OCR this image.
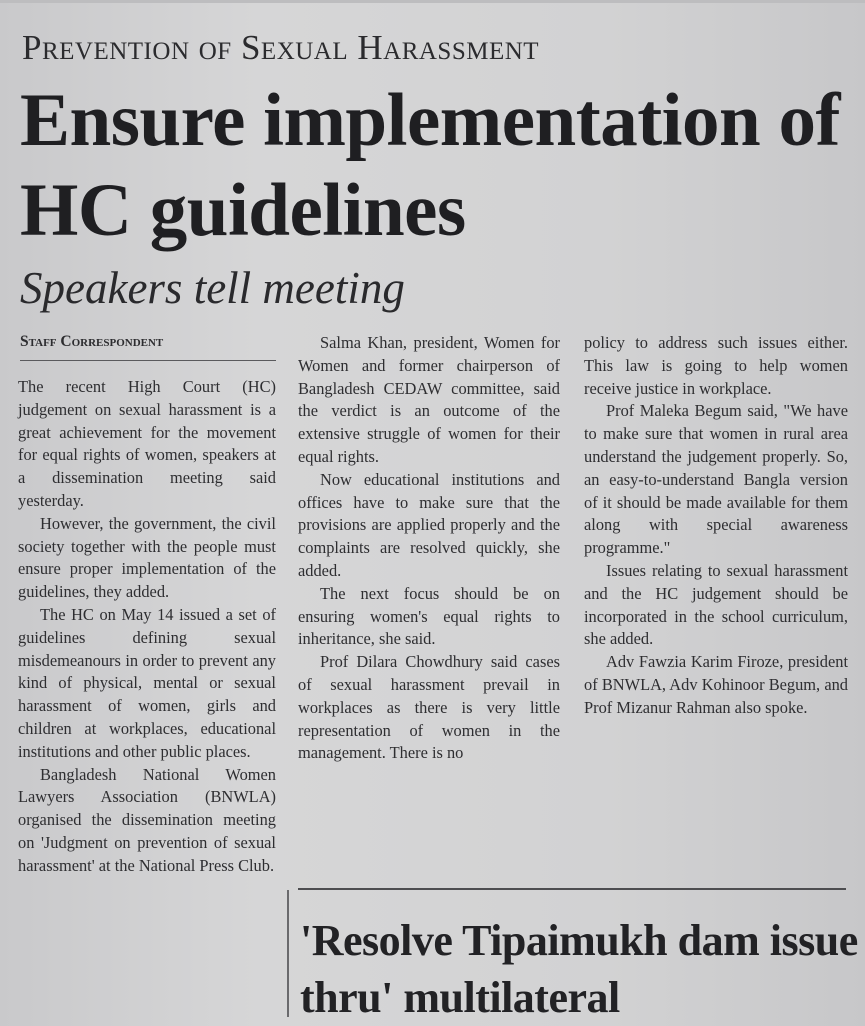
Prevention of Sexual Harassment
Ensure implementation of HC guidelines
Speakers tell meeting
Staff Correspondent

The recent High Court (HC) judgement on sexual harassment is a great achievement for the movement for equal rights of women, speakers at a dissemination meeting said yesterday.

However, the government, the civil society together with the people must ensure proper implementation of the guidelines, they added.

The HC on May 14 issued a set of guidelines defining sexual misdemeanours in order to prevent any kind of physical, mental or sexual harassment of women, girls and children at workplaces, educational institutions and other public places.

Bangladesh National Women Lawyers Association (BNWLA) organised the dissemination meeting on 'Judgment on prevention of sexual harassment' at the National Press Club.

Salma Khan, president, Women for Women and former chairperson of Bangladesh CEDAW committee, said the verdict is an outcome of the extensive struggle of women for their equal rights.

Now educational institutions and offices have to make sure that the provisions are applied properly and the complaints are resolved quickly, she added.

The next focus should be on ensuring women's equal rights to inheritance, she said.

Prof Dilara Chowdhury said cases of sexual harassment prevail in workplaces as there is very little representation of women in the management. There is no

policy to address such issues either. This law is going to help women receive justice in workplace.

Prof Maleka Begum said, "We have to make sure that women in rural area understand the judgement properly. So, an easy-to-understand Bangla version of it should be made available for them along with special awareness programme."

Issues relating to sexual harassment and the HC judgement should be incorporated in the school curriculum, she added.

Adv Fawzia Karim Firoze, president of BNWLA, Adv Kohinoor Begum, and Prof Mizanur Rahman also spoke.

'Resolve Tipaimukh dam issue thru' multilateral
